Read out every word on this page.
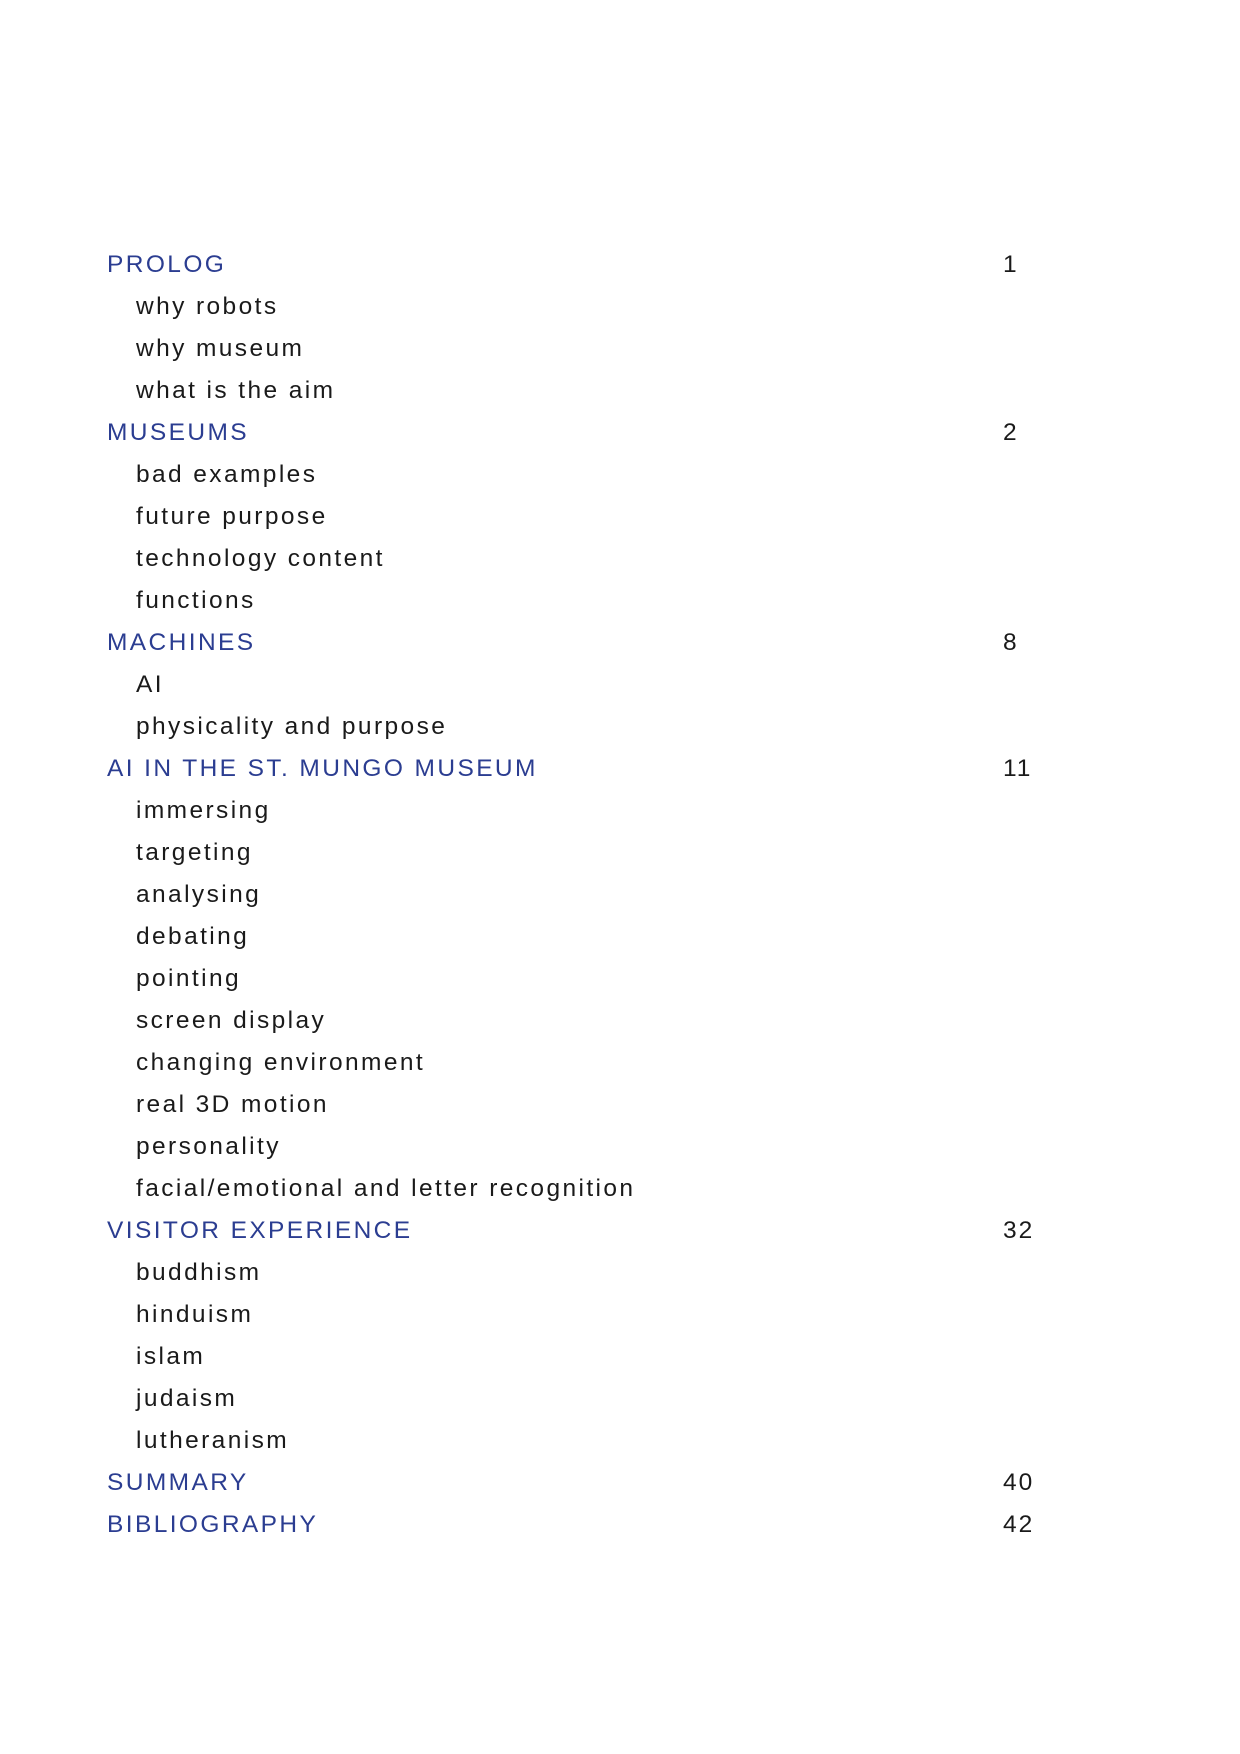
PROLOG	1
why robots
why museum
what is the aim
MUSEUMS	2
bad examples
future purpose
technology content
functions
MACHINES	8
AI
physicality and purpose
AI IN THE ST. MUNGO MUSEUM	11
immersing
targeting
analysing
debating
pointing
screen display
changing environment
real 3D motion
personality
facial/emotional and letter recognition
VISITOR EXPERIENCE	32
buddhism
hinduism
islam
judaism
lutheranism
SUMMARY	40
BIBLIOGRAPHY	42
